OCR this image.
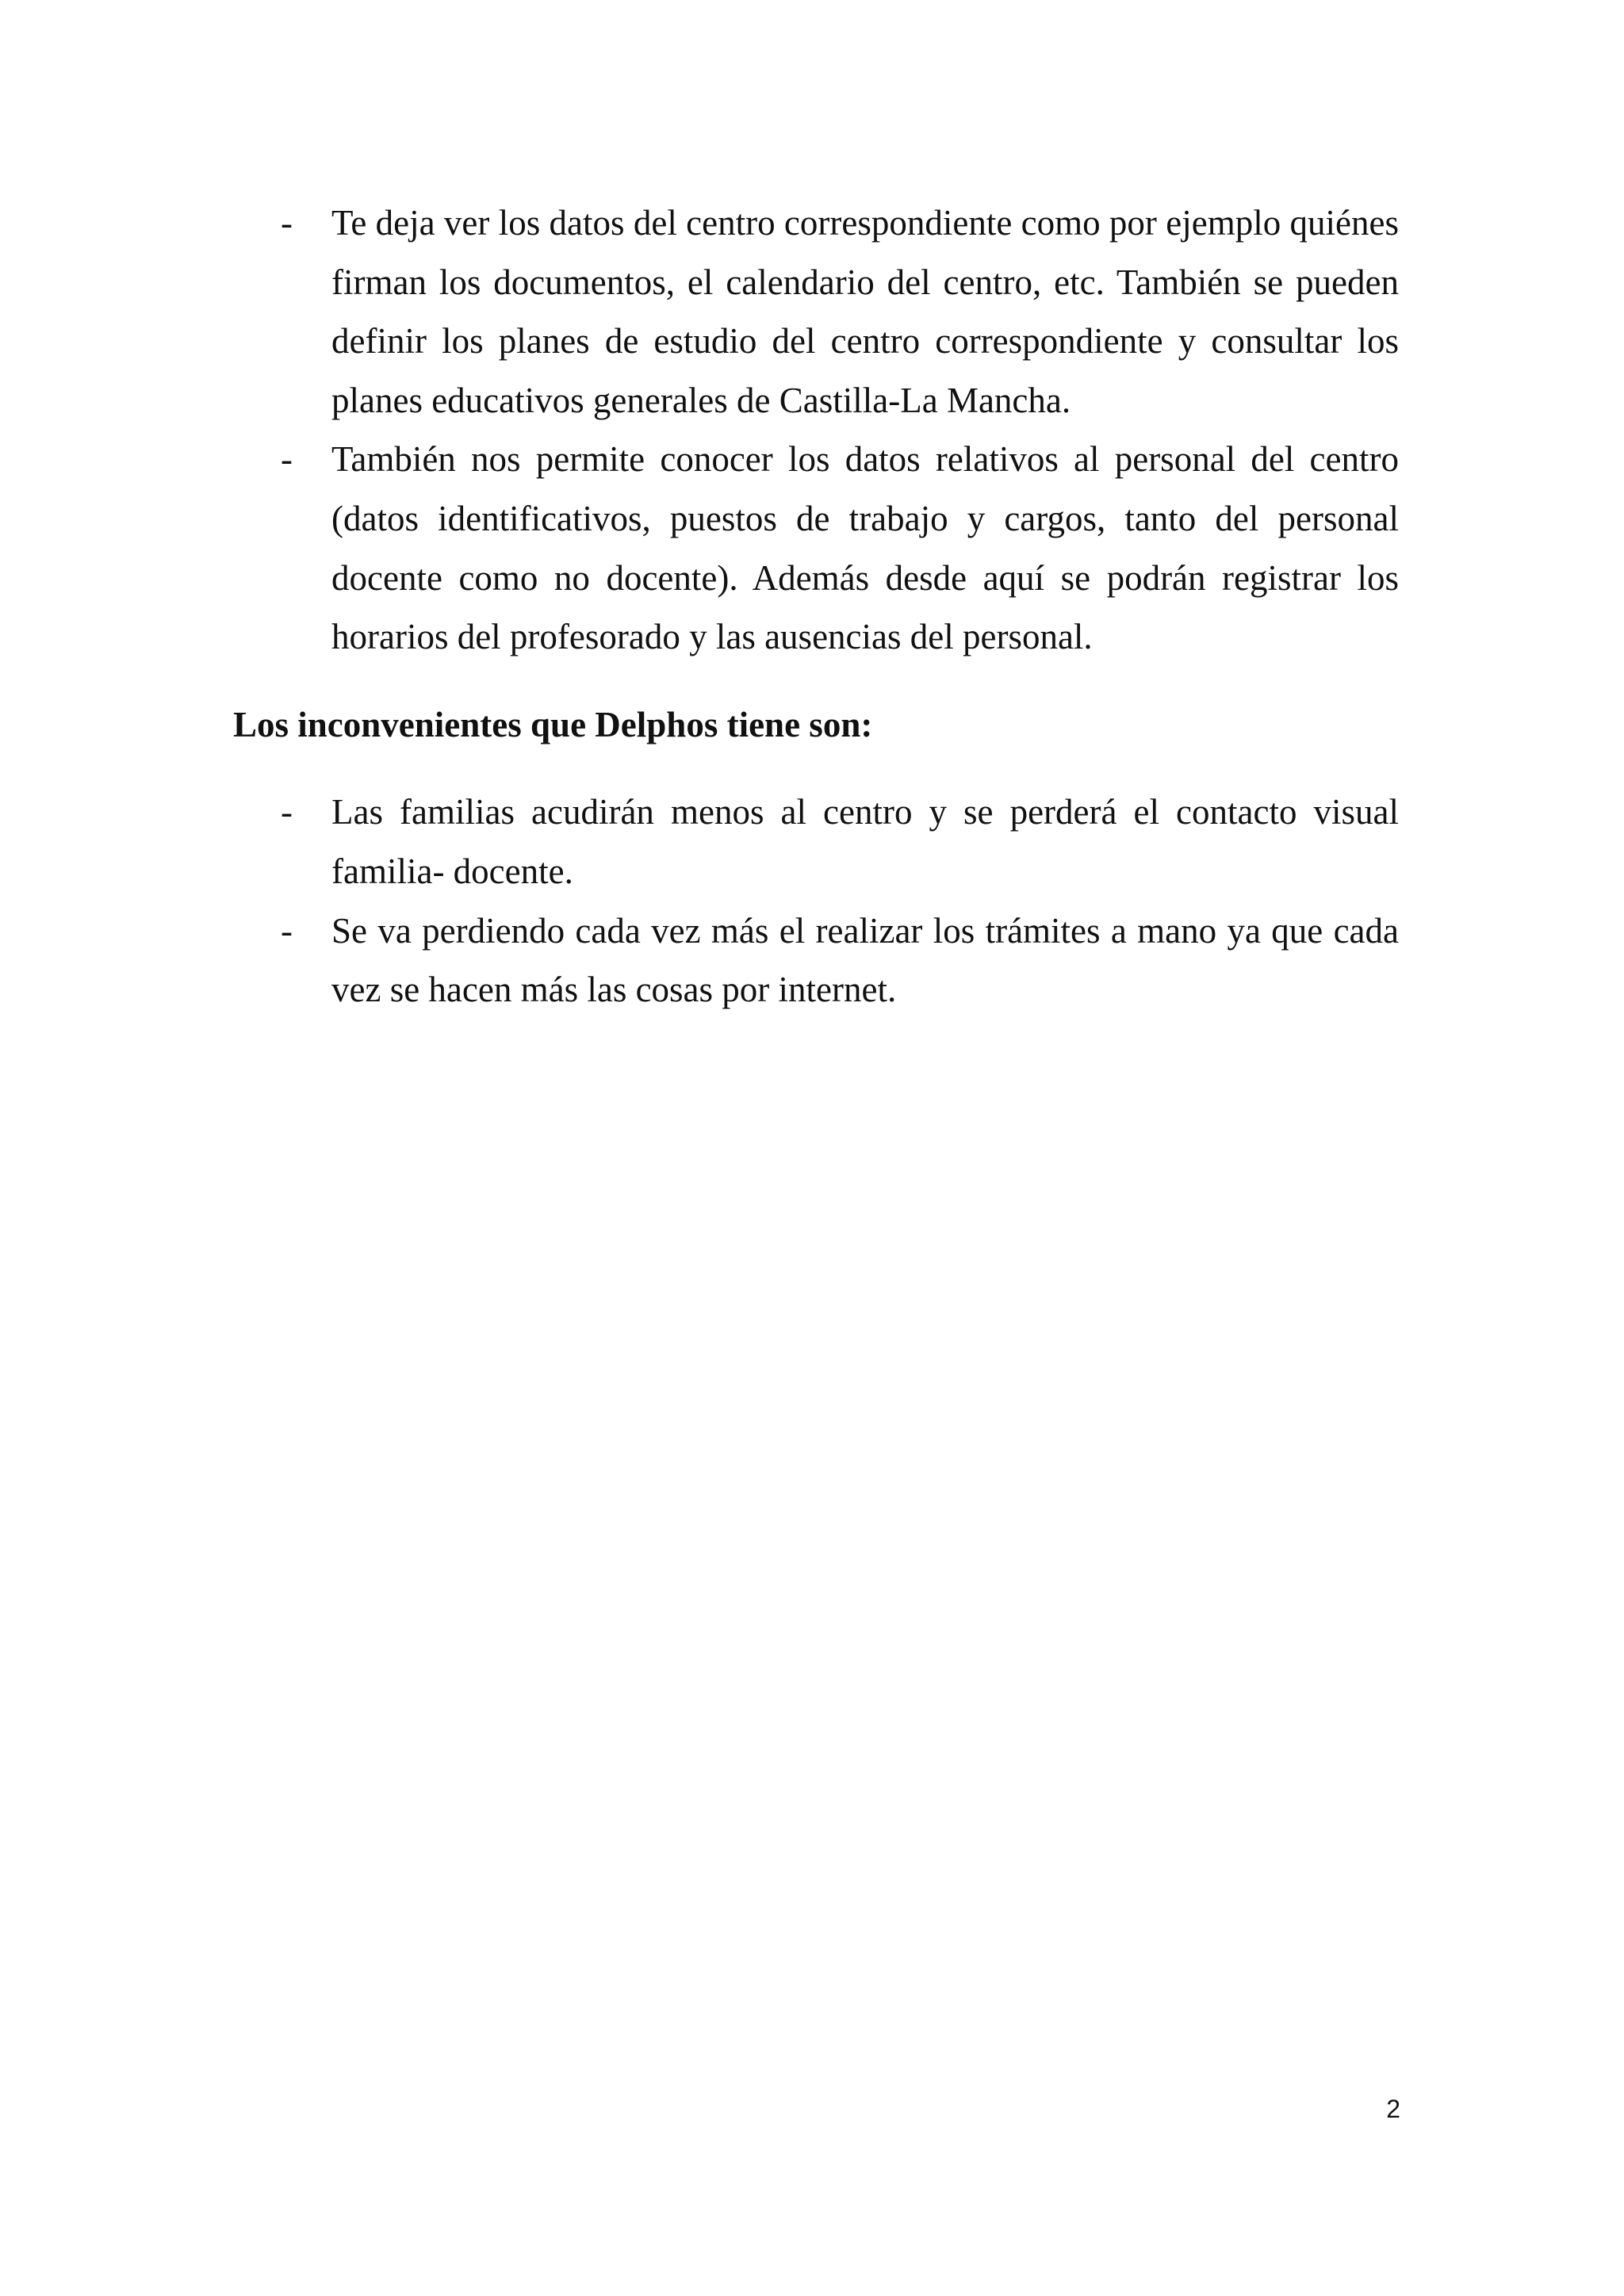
- Te deja ver los datos del centro correspondiente como por ejemplo quiénes firman los documentos, el calendario del centro, etc. También se pueden definir los planes de estudio del centro correspondiente y consultar los planes educativos generales de Castilla-La Mancha.
- También nos permite conocer los datos relativos al personal del centro (datos identificativos, puestos de trabajo y cargos, tanto del personal docente como no docente). Además desde aquí se podrán registrar los horarios del profesorado y las ausencias del personal.

Los inconvenientes que Delphos tiene son:

- Las familias acudirán menos al centro y se perderá el contacto visual familia- docente.
- Se va perdiendo cada vez más el realizar los trámites a mano ya que cada vez se hacen más las cosas por internet.
2
